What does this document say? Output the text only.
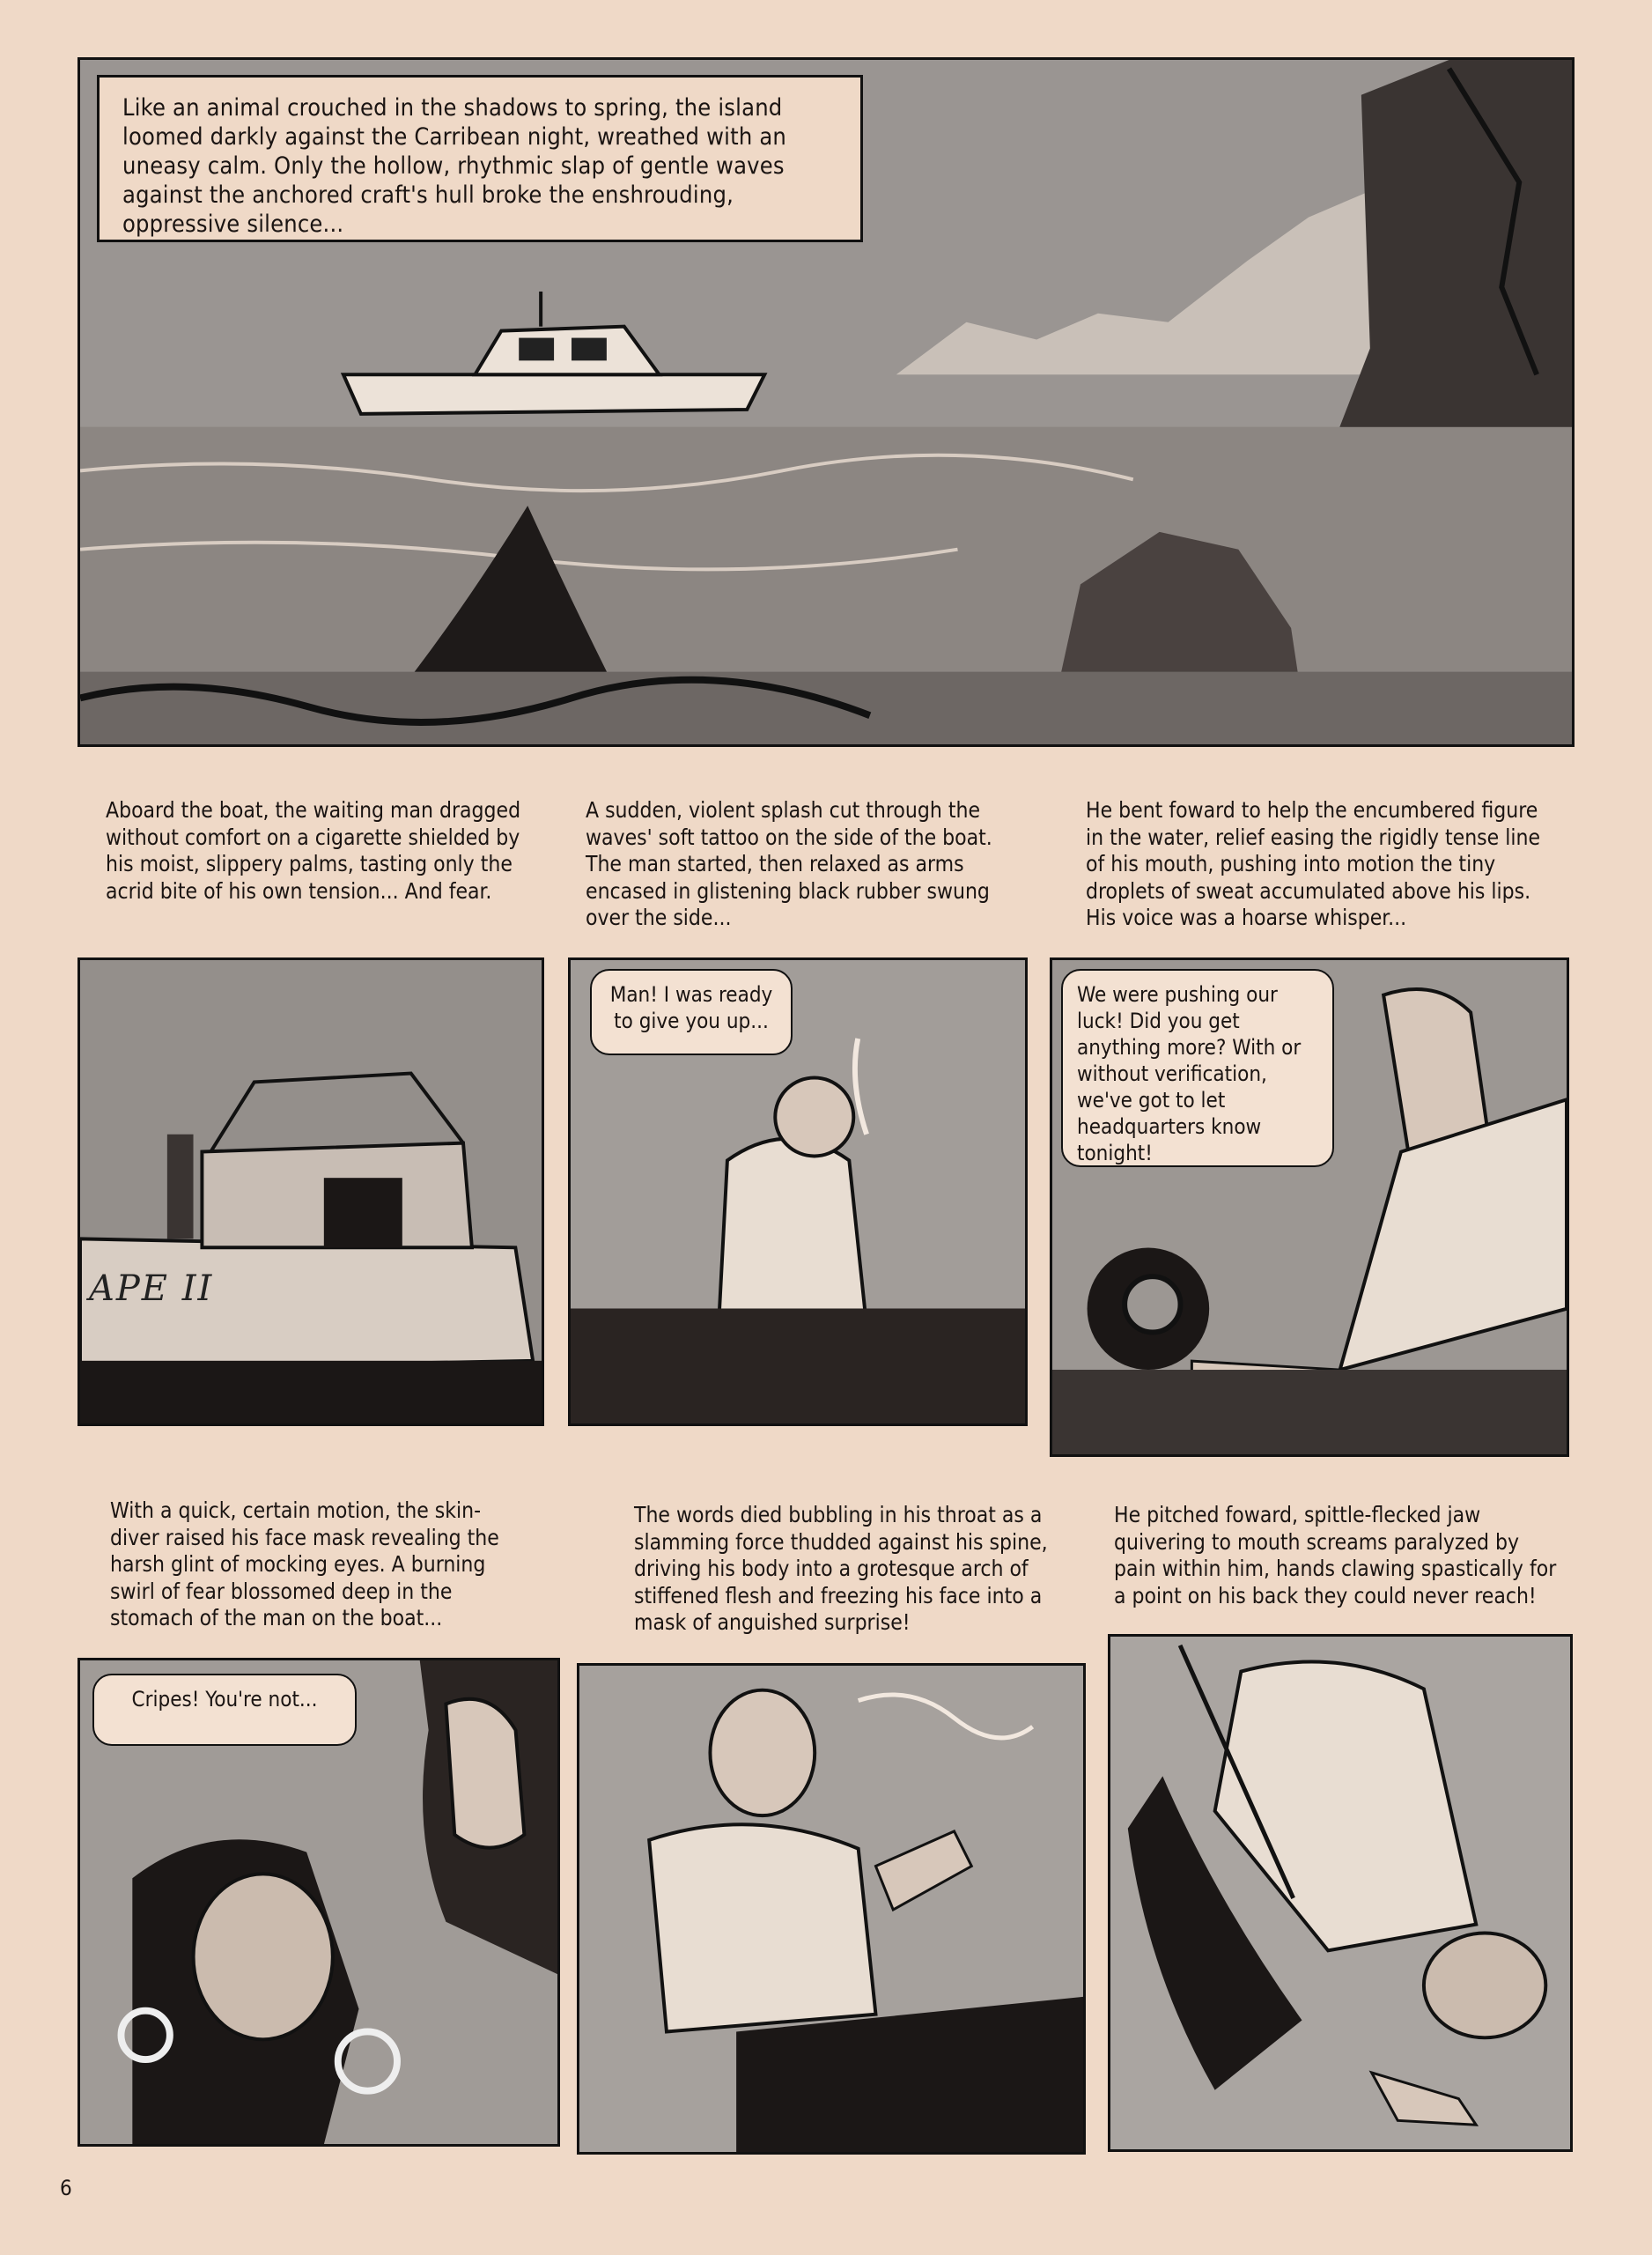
Like an animal crouched in the shadows to spring, the island loomed darkly against the Carribean night, wreathed with an uneasy calm. Only the hollow, rhythmic slap of gentle waves against the anchored craft's hull broke the enshrouding, oppressive silence...

Aboard the boat, the waiting man dragged without comfort on a cigarette shielded by his moist, slippery palms, tasting only the acrid bite of his own tension... And fear.

A sudden, violent splash cut through the waves' soft tattoo on the side of the boat. The man started, then relaxed as arms encased in glistening black rubber swung over the side...

He bent foward to help the encumbered figure in the water, relief easing the rigidly tense line of his mouth, pushing into motion the tiny droplets of sweat accumulated above his lips. His voice was a hoarse whisper...

APE II
Man! I was ready to give you up...
We were pushing our luck! Did you get anything more? With or without verification, we've got to let headquarters know tonight!

With a quick, certain motion, the skin-diver raised his face mask revealing the harsh glint of mocking eyes. A burning swirl of fear blossomed deep in the stomach of the man on the boat...

The words died bubbling in his throat as a slamming force thudded against his spine, driving his body into a grotesque arch of stiffened flesh and freezing his face into a mask of anguished surprise!

He pitched foward, spittle-flecked jaw quivering to mouth screams paralyzed by pain within him, hands clawing spastically for a point on his back they could never reach!

Cripes! You're not...
6
